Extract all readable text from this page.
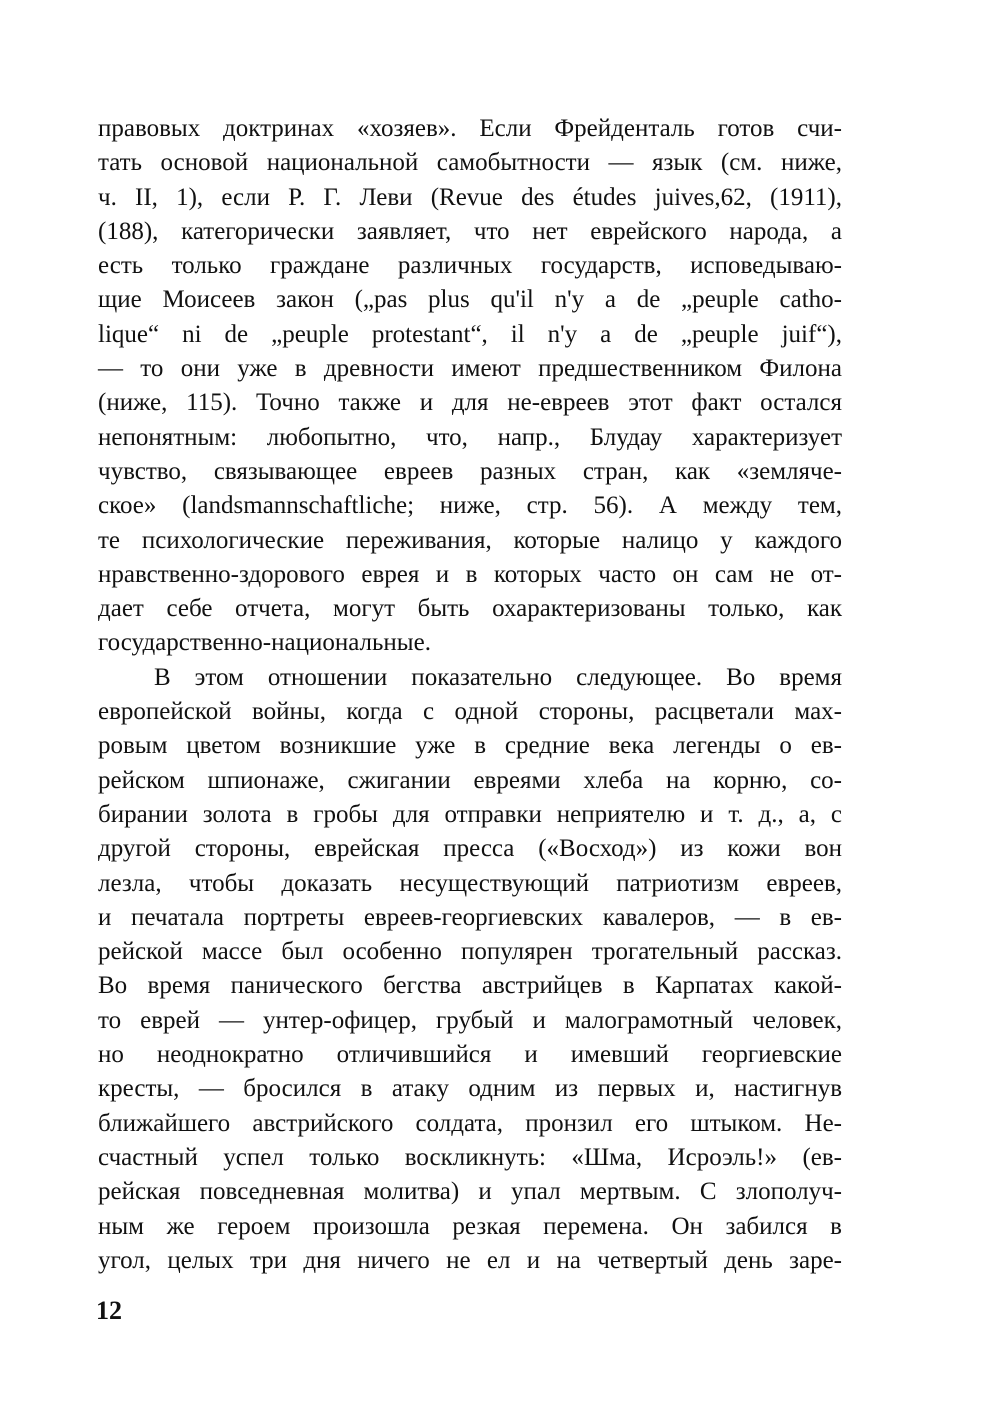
правовых доктринах «хозяев». Если Фрейденталь готов счи-
тать основой национальной самобытности — язык (см. ниже,
ч. II, 1), если Р. Г. Леви (Revue des études juives,62, (1911),
(188), категорически заявляет, что нет еврейского народа, а
есть только граждане различных государств, исповедываю-
щие Моисеев закон („pas plus qu'il n'y a de „peuple catho-
lique“ ni de „peuple protestant“, il n'y a de „peuple juif“),
— то они уже в древности имеют предшественником Филона
(ниже, 115). Точно также и для не-евреев этот факт остался
непонятным: любопытно, что, напр., Блудау характеризует
чувство, связывающее евреев разных стран, как «земляче-
ское» (landsmannschaftliche; ниже, стр. 56). А между тем,
те психологические переживания, которые налицо у каждого
нравственно-здорового еврея и в которых часто он сам не от-
дает себе отчета, могут быть охарактеризованы только, как
государственно-национальные.
В этом отношении показательно следующее. Во время
европейской войны, когда с одной стороны, расцветали мах-
ровым цветом возникшие уже в средние века легенды о ев-
рейском шпионаже, сжигании евреями хлеба на корню, со-
бирании золота в гробы для отправки неприятелю и т. д., а, с
другой стороны, еврейская пресса («Восход») из кожи вон
лезла, чтобы доказать несуществующий патриотизм евреев,
и печатала портреты евреев-георгиевских кавалеров, — в ев-
рейской массе был особенно популярен трогательный рассказ.
Во время панического бегства австрийцев в Карпатах какой-
то еврей — унтер-офицер, грубый и малограмотный человек,
но неоднократно отличившийся и имевший георгиевские
кресты, — бросился в атаку одним из первых и, настигнув
ближайшего австрийского солдата, пронзил его штыком. Не-
счастный успел только воскликнуть: «Шма, Исроэль!» (ев-
рейская повседневная молитва) и упал мертвым. С злополуч-
ным же героем произошла резкая перемена. Он забился в
угол, целых три дня ничего не ел и на четвертый день заре-
12
